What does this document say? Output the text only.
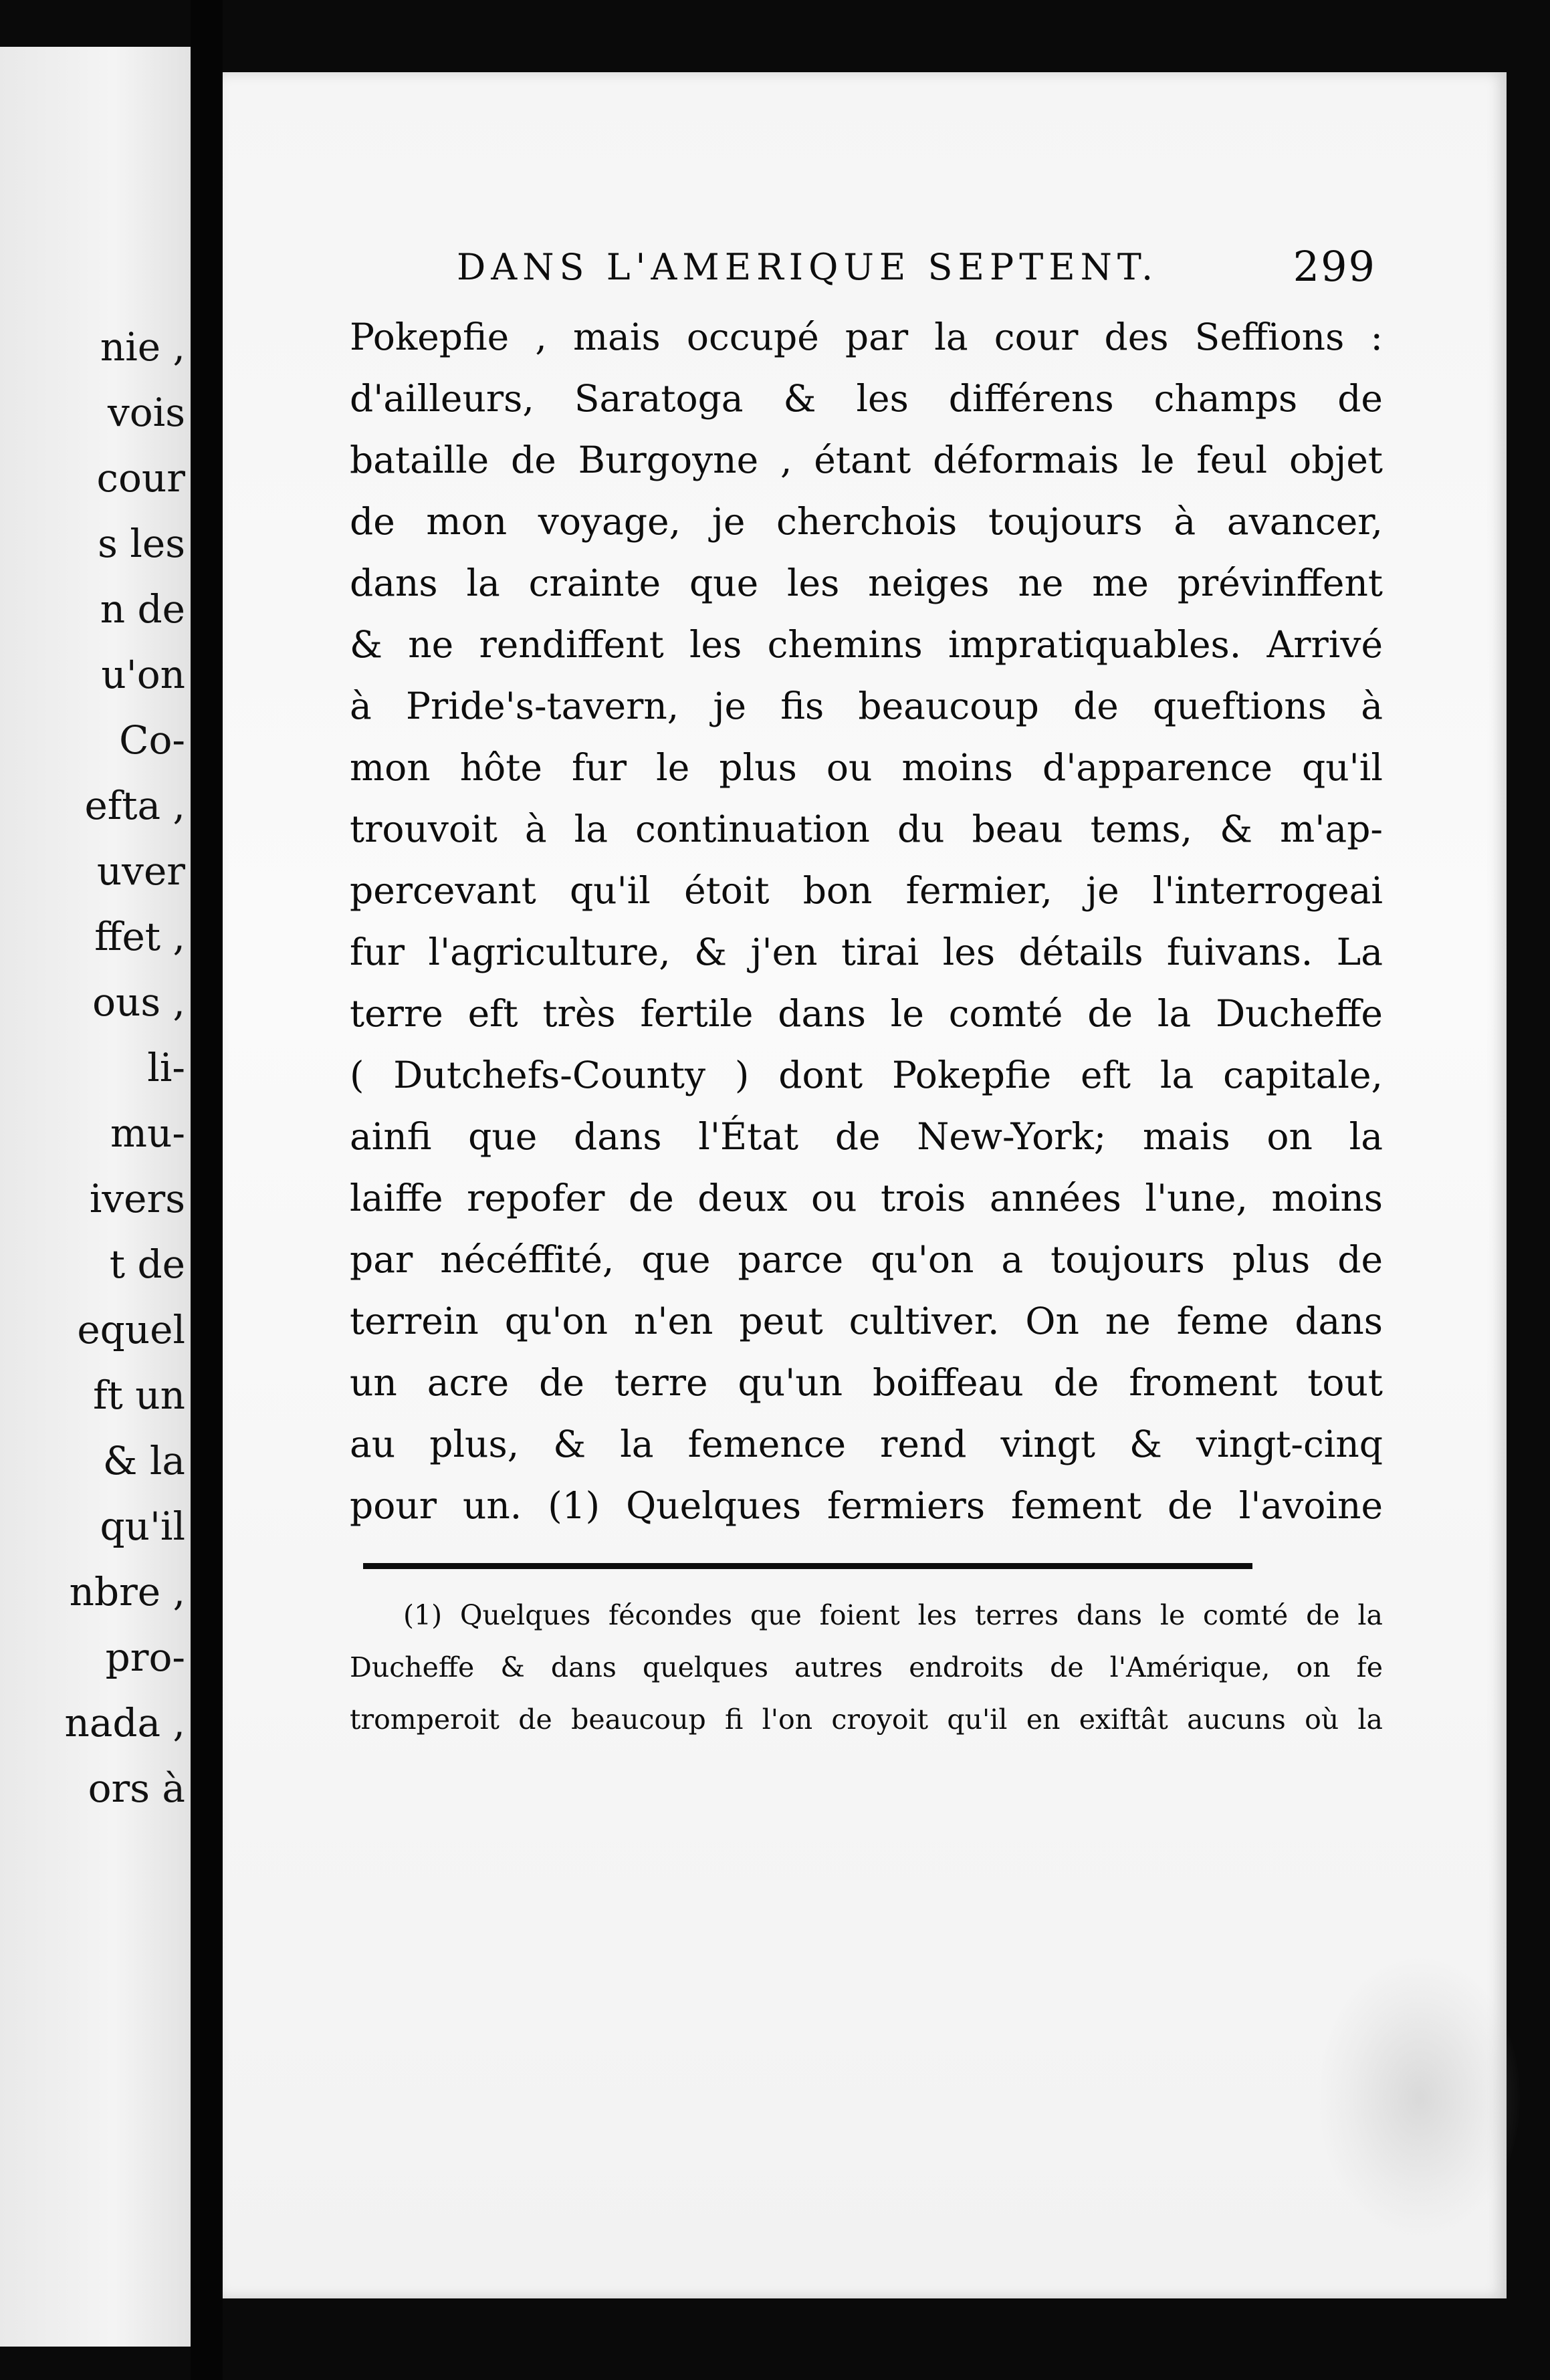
nie ,
vois
cour
s les
n de
u'on
Co-
efta ,
uver
ffet ,
ous ,
li-
mu-
ivers
t de
equel
ft un
& la
qu'il
nbre ,
pro-
nada ,
ors à
DANS L'AMERIQUE SEPTENT.	299
Pokepfie , mais occupé par la cour des Seffions :
d'ailleurs, Saratoga & les différens champs de
bataille de Burgoyne , étant déformais le feul objet
de mon voyage, je cherchois toujours à avancer,
dans la crainte que les neiges ne me prévinffent
& ne rendiffent les chemins impratiquables. Arrivé
à Pride's-tavern, je fis beaucoup de queftions à
mon hôte fur le plus ou moins d'apparence qu'il
trouvoit à la continuation du beau tems, & m'ap-
percevant qu'il étoit bon fermier, je l'interrogeai
fur l'agriculture, & j'en tirai les détails fuivans. La
terre eft très fertile dans le comté de la Ducheffe
( Dutchefs-County ) dont Pokepfie eft la capitale,
ainfi que dans l'État de New-York; mais on la
laiffe repofer de deux ou trois années l'une, moins
par nécéffité, que parce qu'on a toujours plus de
terrein qu'on n'en peut cultiver. On ne feme dans
un acre de terre qu'un boiffeau de froment tout
au plus, & la femence rend vingt & vingt-cinq
pour un. (1) Quelques fermiers fement de l'avoine
(1) Quelques fécondes que foient les terres dans le comté de la
Ducheffe & dans quelques autres endroits de l'Amérique, on fe
tromperoit de beaucoup fi l'on croyoit qu'il en exiftât aucuns où la
